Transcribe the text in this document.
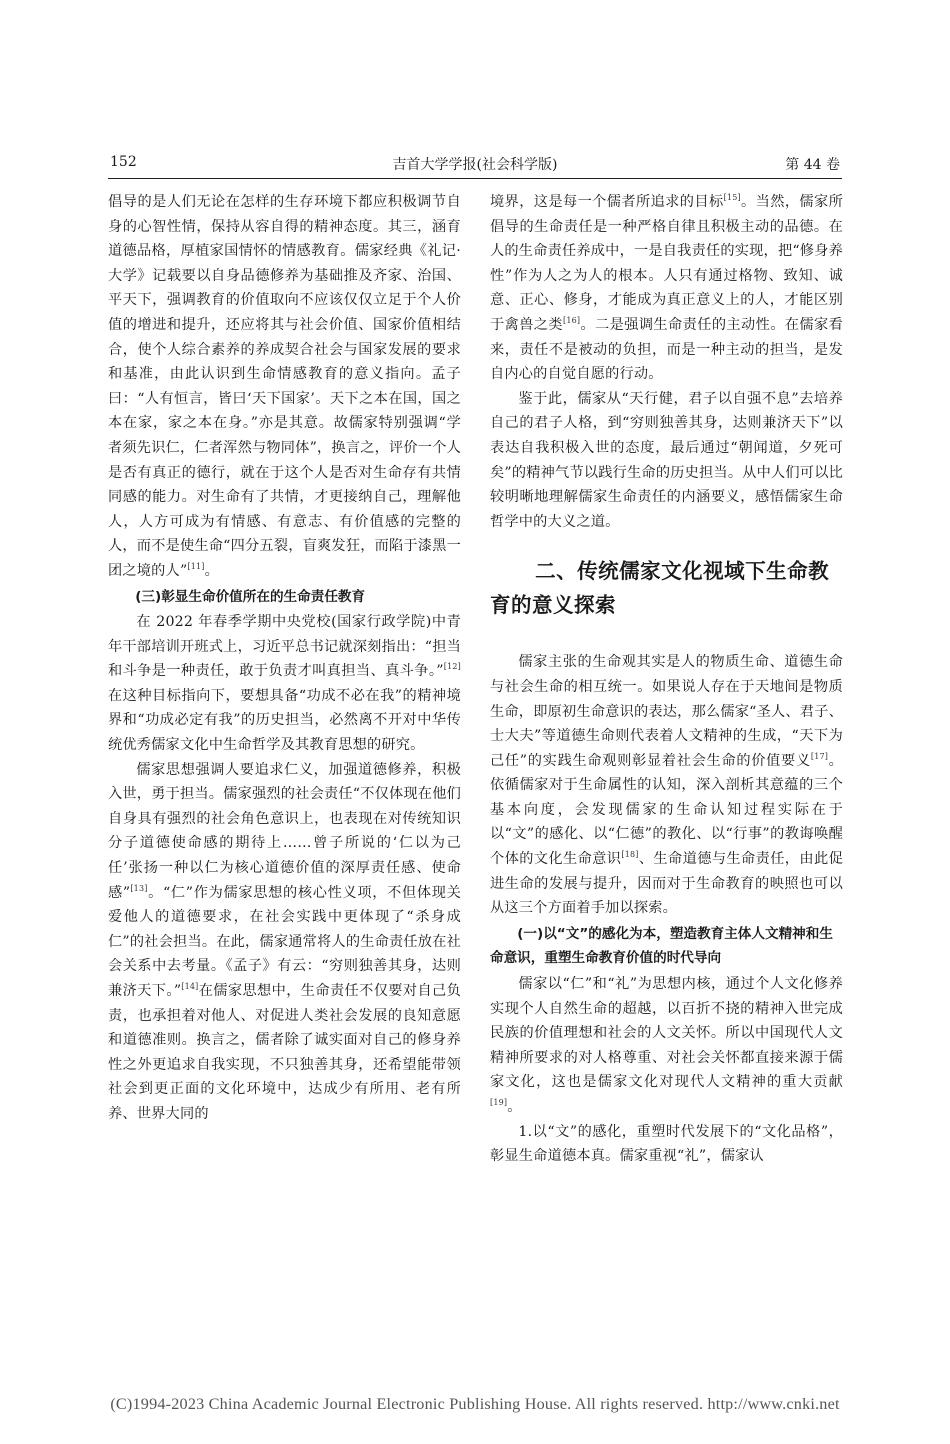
152	吉首大学学报(社会科学版)	第 44 卷

倡导的是人们无论在怎样的生存环境下都应积极调节自身的心智性情，保持从容自得的精神态度。其三，涵育道德品格，厚植家国情怀的情感教育。儒家经典《礼记·大学》记载要以自身品德修养为基础推及齐家、治国、平天下，强调教育的价值取向不应该仅仅立足于个人价值的增进和提升，还应将其与社会价值、国家价值相结合，使个人综合素养的养成契合社会与国家发展的要求和基准，由此认识到生命情感教育的意义指向。孟子曰：“人有恒言，皆曰‘天下国家’。天下之本在国，国之本在家，家之本在身。”亦是其意。故儒家特别强调“学者须先识仁，仁者浑然与物同体”，换言之，评价一个人是否有真正的德行，就在于这个人是否对生命存有共情同感的能力。对生命有了共情，才更接纳自己，理解他人，人方可成为有情感、有意志、有价值感的完整的人，而不是使生命“四分五裂，盲爽发狂，而陷于漆黑一团之境的人”[11]。

(三)彰显生命价值所在的生命责任教育

在 2022 年春季学期中央党校(国家行政学院)中青年干部培训开班式上，习近平总书记就深刻指出：“担当和斗争是一种责任，敢于负责才叫真担当、真斗争。”[12]在这种目标指向下，要想具备“功成不必在我”的精神境界和“功成必定有我”的历史担当，必然离不开对中华传统优秀儒家文化中生命哲学及其教育思想的研究。

儒家思想强调人要追求仁义，加强道德修养，积极入世，勇于担当。儒家强烈的社会责任“不仅体现在他们自身具有强烈的社会角色意识上，也表现在对传统知识分子道德使命感的期待上……曾子所说的‘仁以为己任’张扬一种以仁为核心道德价值的深厚责任感、使命感”[13]。“仁”作为儒家思想的核心性义项，不但体现关爱他人的道德要求，在社会实践中更体现了“杀身成仁”的社会担当。在此，儒家通常将人的生命责任放在社会关系中去考量。《孟子》有云：“穷则独善其身，达则兼济天下。”[14]在儒家思想中，生命责任不仅要对自己负责，也承担着对他人、对促进人类社会发展的良知意愿和道德准则。换言之，儒者除了诚实面对自己的修身养性之外更追求自我实现，不只独善其身，还希望能带领社会到更正面的文化环境中，达成少有所用、老有所养、世界大同的

境界，这是每一个儒者所追求的目标[15]。当然，儒家所倡导的生命责任是一种严格自律且积极主动的品德。在人的生命责任养成中，一是自我责任的实现，把“修身养性”作为人之为人的根本。人只有通过格物、致知、诚意、正心、修身，才能成为真正意义上的人，才能区别于禽兽之类[16]。二是强调生命责任的主动性。在儒家看来，责任不是被动的负担，而是一种主动的担当，是发自内心的自觉自愿的行动。

鉴于此，儒家从“天行健，君子以自强不息”去培养自己的君子人格，到“穷则独善其身，达则兼济天下”以表达自我积极入世的态度，最后通过“朝闻道，夕死可矣”的精神气节以践行生命的历史担当。从中人们可以比较明晰地理解儒家生命责任的内涵要义，感悟儒家生命哲学中的大义之道。

二、传统儒家文化视域下生命教育的意义探索

儒家主张的生命观其实是人的物质生命、道德生命与社会生命的相互统一。如果说人存在于天地间是物质生命，即原初生命意识的表达，那么儒家“圣人、君子、士大夫”等道德生命则代表着人文精神的生成，“天下为己任”的实践生命观则彰显着社会生命的价值要义[17]。依循儒家对于生命属性的认知，深入剖析其意蕴的三个基本向度，会发现儒家的生命认知过程实际在于以“文”的感化、以“仁德”的教化、以“行事”的教诲唤醒个体的文化生命意识[18]、生命道德与生命责任，由此促进生命的发展与提升，因而对于生命教育的映照也可以从这三个方面着手加以探索。

(一)以“文”的感化为本，塑造教育主体人文精神和生命意识，重塑生命教育价值的时代导向

儒家以“仁”和“礼”为思想内核，通过个人文化修养实现个人自然生命的超越，以百折不挠的精神入世完成民族的价值理想和社会的人文关怀。所以中国现代人文精神所要求的对人格尊重、对社会关怀都直接来源于儒家文化，这也是儒家文化对现代人文精神的重大贡献[19]。

1.以“文”的感化，重塑时代发展下的“文化品格”，彰显生命道德本真。儒家重视“礼”，儒家认

(C)1994-2023 China Academic Journal Electronic Publishing House. All rights reserved. http://www.cnki.net
